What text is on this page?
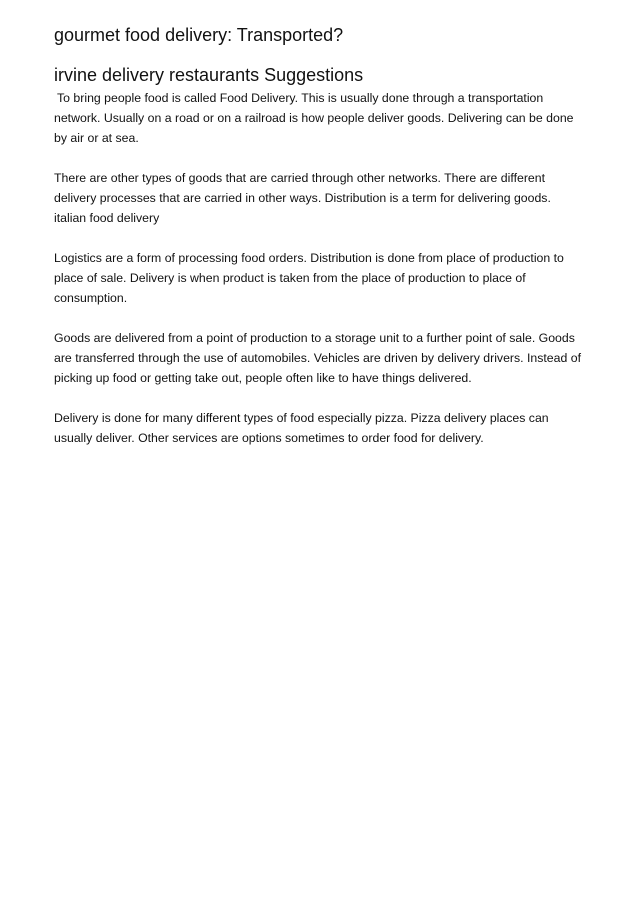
gourmet food delivery: Transported?
irvine delivery restaurants Suggestions

To bring people food is called Food Delivery. This is usually done through a transportation network. Usually on a road or on a railroad is how people deliver goods. Delivering can be done by air or at sea.

There are other types of goods that are carried through other networks. There are different delivery processes that are carried in other ways. Distribution is a term for delivering goods. italian food delivery

Logistics are a form of processing food orders. Distribution is done from place of production to place of sale. Delivery is when product is taken from the place of production to place of consumption.

Goods are delivered from a point of production to a storage unit to a further point of sale. Goods are transferred through the use of automobiles. Vehicles are driven by delivery drivers. Instead of picking up food or getting take out, people often like to have things delivered.

Delivery is done for many different types of food especially pizza. Pizza delivery places can usually deliver. Other services are options sometimes to order food for delivery.
